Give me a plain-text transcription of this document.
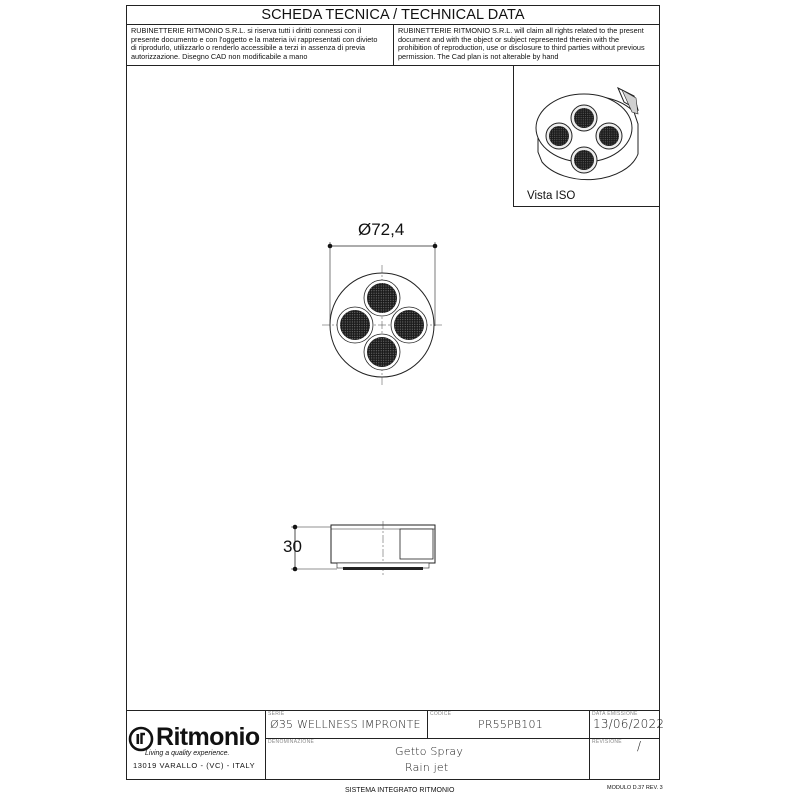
SCHEDA TECNICA / TECHNICAL DATA
RUBINETTERIE RITMONIO S.R.L. si riserva tutti i diritti connessi con il
presente documento e con l'oggetto e la materia ivi rappresentati con divieto
di riprodurlo, utilizzarlo o renderlo accessibile a terzi in assenza di previa
autorizzazione. Disegno CAD non modificabile a mano
RUBINETTERIE RITMONIO S.R.L. will claim all rights related to the present
document and with the object or subject represented therein with the
prohibition of reproduction, use or disclosure to third parties without previous
permission. The Cad plan is not alterable by hand
Vista ISO
Ø72,4
30
Ritmonio
Living a quality experience.
13019 VARALLO - (VC) - ITALY
SERIE
Ø35 WELLNESS IMPRONTE
CODICE
PR55PB101
DATA EMISSIONE
13/06/2022
DENOMINAZIONE
Getto Spray
Rain jet
REVISIONE /
SISTEMA INTEGRATO RITMONIO	MODULO D.37 REV. 3
